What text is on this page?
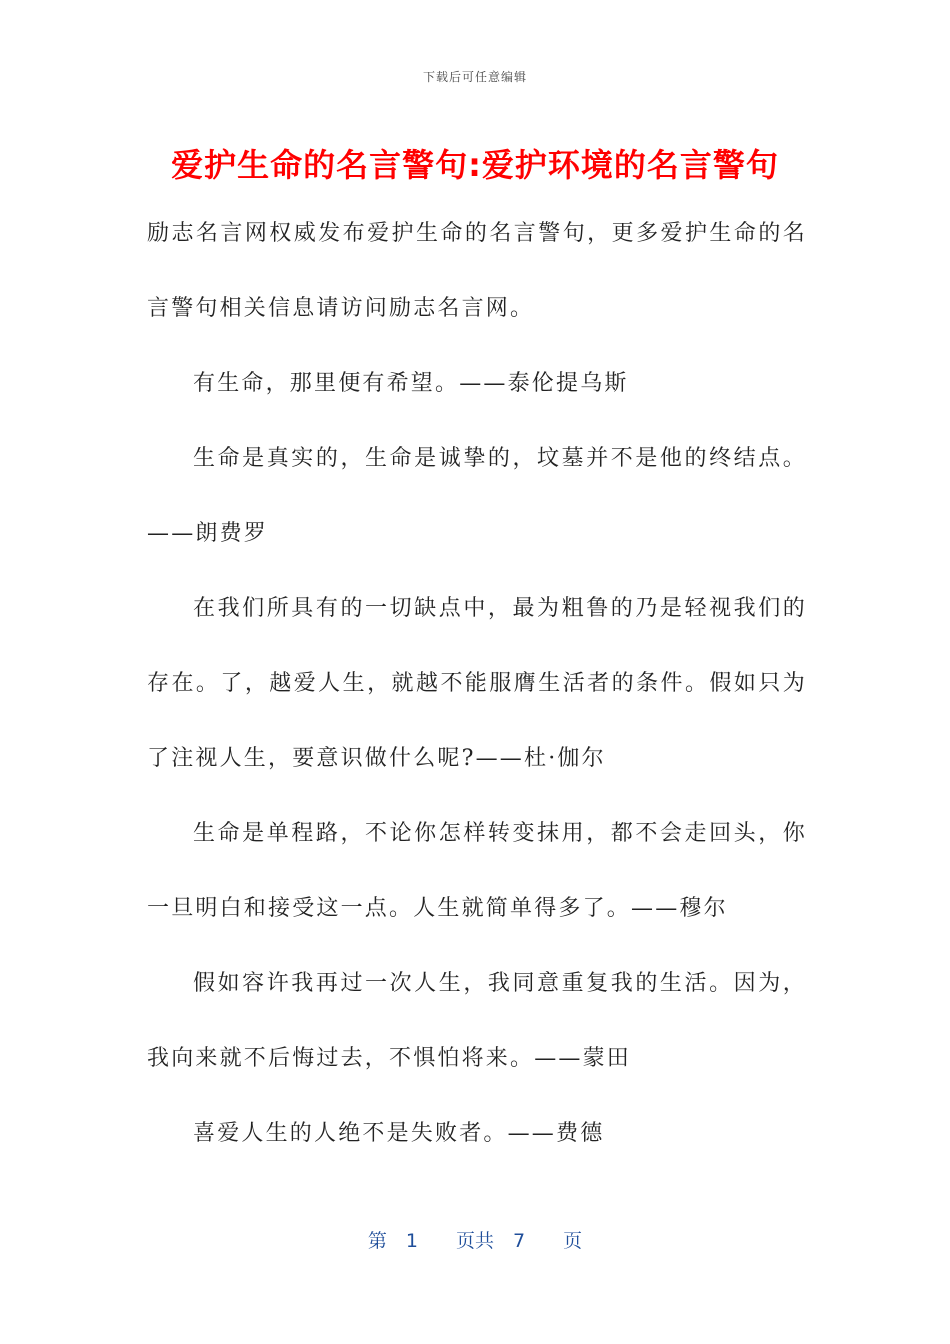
下载后可任意编辑
爱护生命的名言警句:爱护环境的名言警句

励志名言网权威发布爱护生命的名言警句，更多爱护生命的名言警句相关信息请访问励志名言网。

有生命，那里便有希望。——泰伦提乌斯

生命是真实的，生命是诚挚的，坟墓并不是他的终结点。——朗费罗

在我们所具有的一切缺点中，最为粗鲁的乃是轻视我们的存在。了，越爱人生，就越不能服膺生活者的条件。假如只为了注视人生，要意识做什么呢?——杜·伽尔

生命是单程路，不论你怎样转变抹用，都不会走回头，你一旦明白和接受这一点。人生就简单得多了。——穆尔

假如容许我再过一次人生，我同意重复我的生活。因为，我向来就不后悔过去，不惧怕将来。——蒙田

喜爱人生的人绝不是失败者。——费德

第　1　　页共　7　　页
